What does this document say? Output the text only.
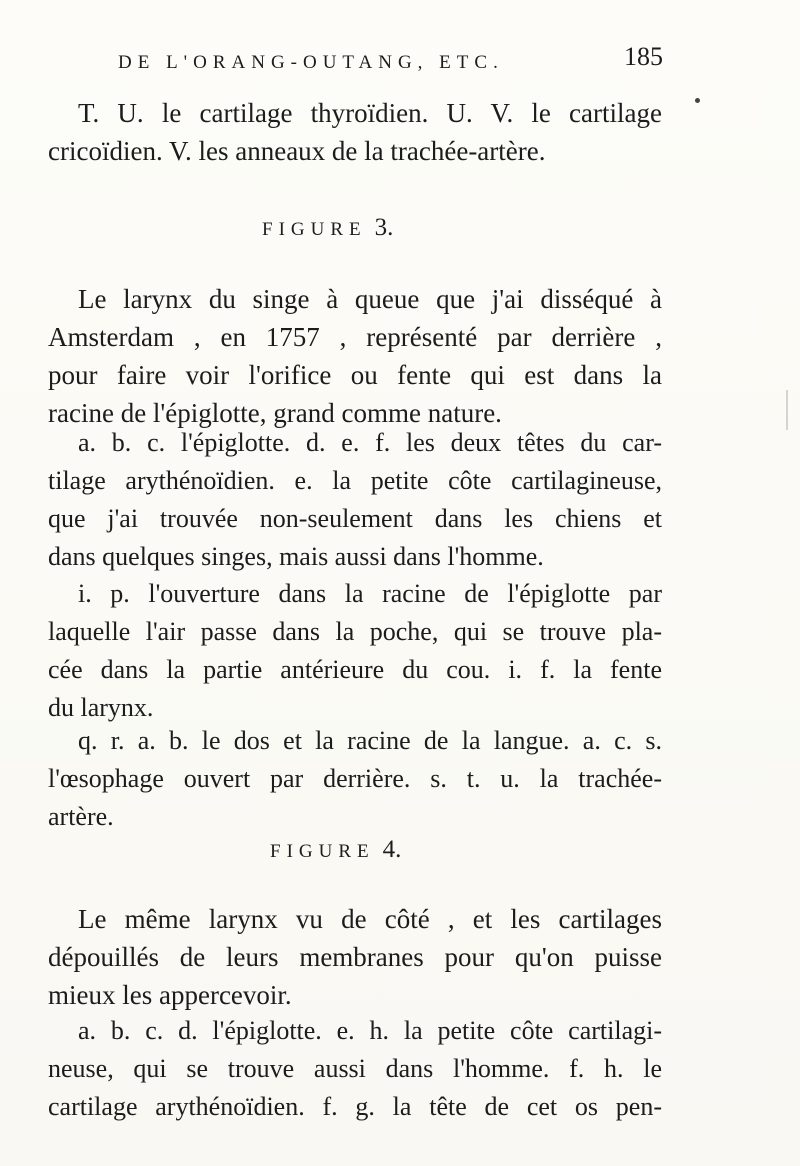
DE L'ORANG-OUTANG, ETC.	185

T. U. le cartilage thyroïdien. U. V. le cartilage

cricoïdien. V. les anneaux de la trachée-artère.

FIGURE 3.

Le larynx du singe à queue que j'ai disséqué à

Amsterdam , en 1757 , représenté par derrière ,

pour faire voir l'orifice ou fente qui est dans la

racine de l'épiglotte, grand comme nature.

a. b. c. l'épiglotte. d. e. f. les deux têtes du car-

tilage arythénoïdien. e. la petite côte cartilagineuse,

que j'ai trouvée non-seulement dans les chiens et

dans quelques singes, mais aussi dans l'homme.

i. p. l'ouverture dans la racine de l'épiglotte par

laquelle l'air passe dans la poche, qui se trouve pla-

cée dans la partie antérieure du cou. i. f. la fente

du larynx.

q. r. a. b. le dos et la racine de la langue. a. c. s.

l'œsophage ouvert par derrière. s. t. u. la trachée-

artère.

FIGURE 4.

Le même larynx vu de côté , et les cartilages

dépouillés de leurs membranes pour qu'on puisse

mieux les appercevoir.

a. b. c. d. l'épiglotte. e. h. la petite côte cartilagi-

neuse, qui se trouve aussi dans l'homme. f. h. le

cartilage arythénoïdien. f. g. la tête de cet os pen-
